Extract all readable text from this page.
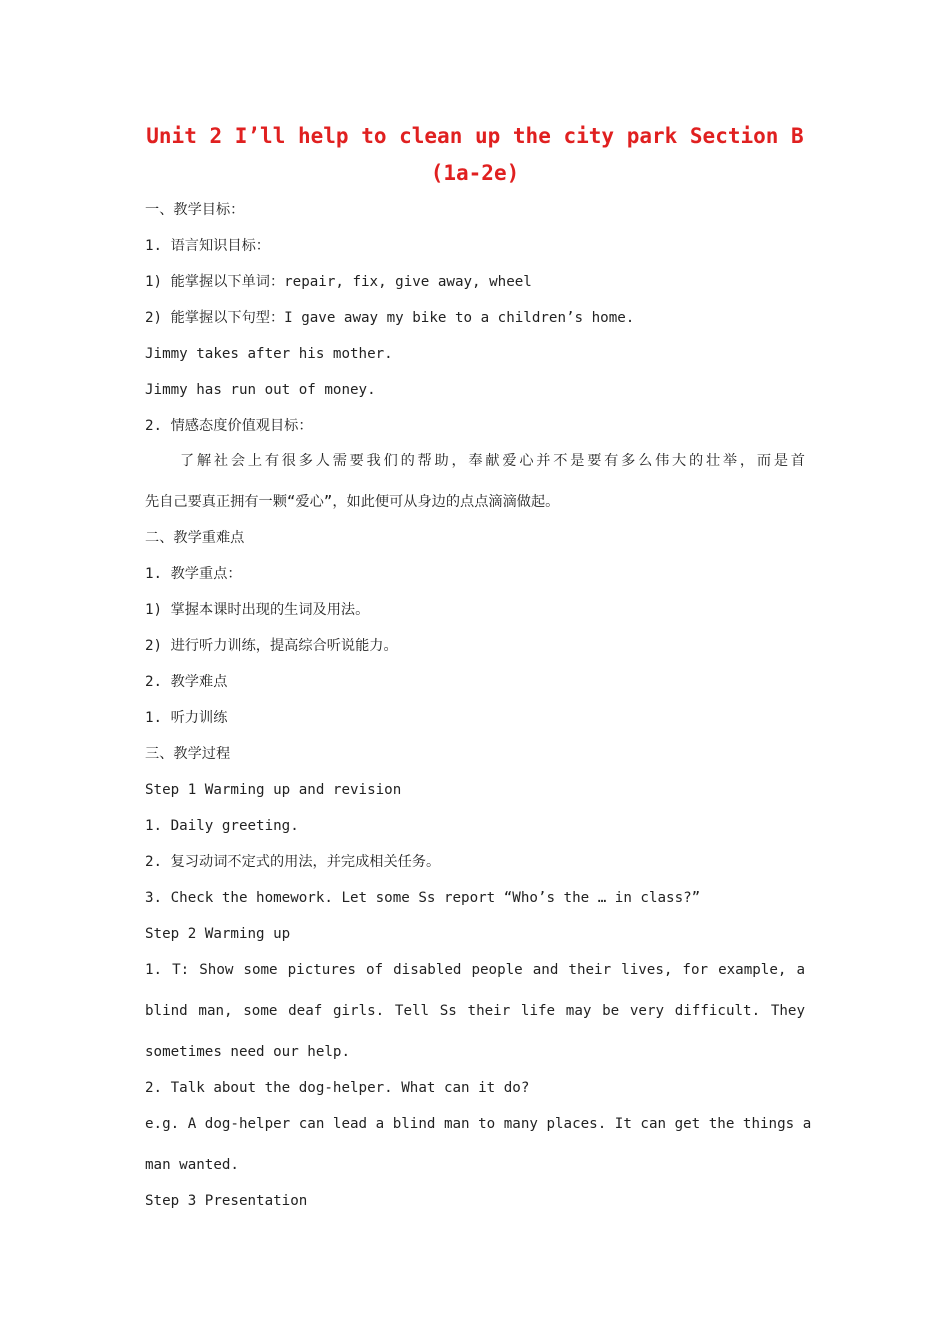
Unit 2 I’ll help to clean up the city park Section B (1a-2e)
一、教学目标：
1. 语言知识目标：
1) 能掌握以下单词：repair, fix, give away, wheel
2) 能掌握以下句型：I gave away my bike to a children’s home.
Jimmy takes after his mother.
Jimmy has run out of money.
2. 情感态度价值观目标：
了解社会上有很多人需要我们的帮助，奉献爱心并不是要有多么伟大的壮举，而是首
先自己要真正拥有一颗“爱心”，如此便可从身边的点点滴滴做起。
二、教学重难点
1. 教学重点：
1) 掌握本课时出现的生词及用法。
2) 进行听力训练，提高综合听说能力。
2. 教学难点
1. 听力训练
三、教学过程
Step 1 Warming up and revision
1. Daily greeting.
2. 复习动词不定式的用法，并完成相关任务。
3. Check the homework. Let some Ss report “Who’s the … in class?”
Step 2 Warming up
1. T: Show some pictures of disabled people and their lives, for example, a
blind man, some deaf girls. Tell Ss their life may be very difficult. They
sometimes need our help.
2. Talk about the dog-helper. What can it do?
e.g. A dog-helper can lead a blind man to many places. It can get the things a
man wanted.
Step 3 Presentation
